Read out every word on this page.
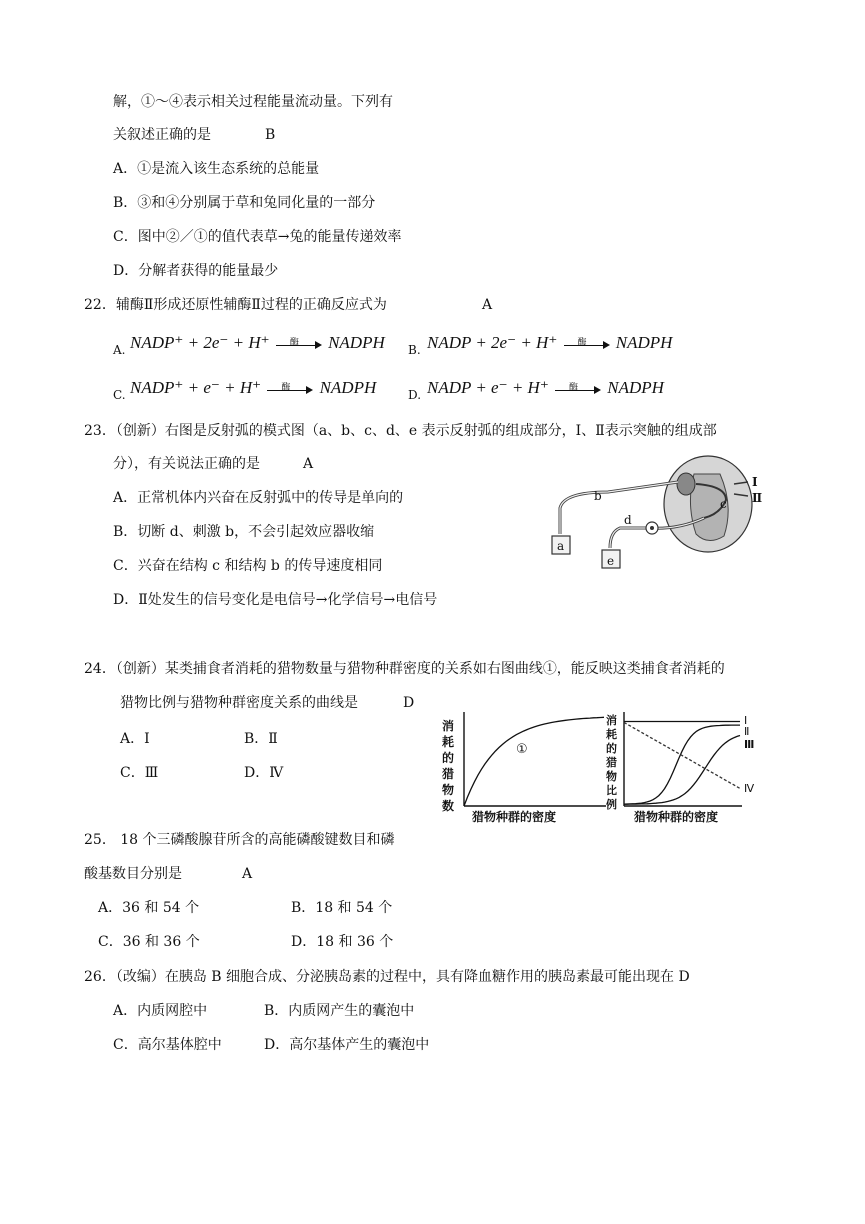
解，①～④表示相关过程能量流动量。下列有
关叙述正确的是	B
A．①是流入该生态系统的总能量
B．③和④分别属于草和兔同化量的一部分
C．图中②／①的值代表草→兔的能量传递效率
D．分解者获得的能量最少
22．辅酶Ⅱ形成还原性辅酶Ⅱ过程的正确反应式为	A
A. NADP⁺ + 2e⁻ + H⁺ 酶 NADPH B. NADP + 2e⁻ + H⁺ 酶 NADPH
C. NADP⁺ + e⁻ + H⁺ 酶 NADPH	D. NADP + e⁻ + H⁺ 酶 NADPH
23．（创新）右图是反射弧的模式图（a、b、c、d、e 表示反射弧的组成部分，Ⅰ、Ⅱ表示突触的组成部
分），有关说法正确的是	A
A．正常机体内兴奋在反射弧中的传导是单向的
B．切断 d、刺激 b，不会引起效应器收缩
C．兴奋在结构 c 和结构 b 的传导速度相同
D．Ⅱ处发生的信号变化是电信号→化学信号→电信号
a
b
c
d
e
Ⅰ
Ⅱ
24．（创新）某类捕食者消耗的猎物数量与猎物种群密度的关系如右图曲线①，能反映这类捕食者消耗的
猎物比例与猎物种群密度关系的曲线是	D
A．Ⅰ	B．Ⅱ
C．Ⅲ	D．Ⅳ
消耗的猎物数
猎物种群的密度
①
消耗的猎物比例
猎物种群的密度
Ⅰ
Ⅱ
Ⅲ
Ⅳ
25． 18 个三磷酸腺苷所含的高能磷酸键数目和磷
酸基数目分别是	A
A．36 和 54 个	B．18 和 54 个
C．36 和 36 个	D．18 和 36 个
26．（改编）在胰岛 B 细胞合成、分泌胰岛素的过程中，具有降血糖作用的胰岛素最可能出现在 D
A．内质网腔中	B．内质网产生的囊泡中
C．高尔基体腔中	D．高尔基体产生的囊泡中
